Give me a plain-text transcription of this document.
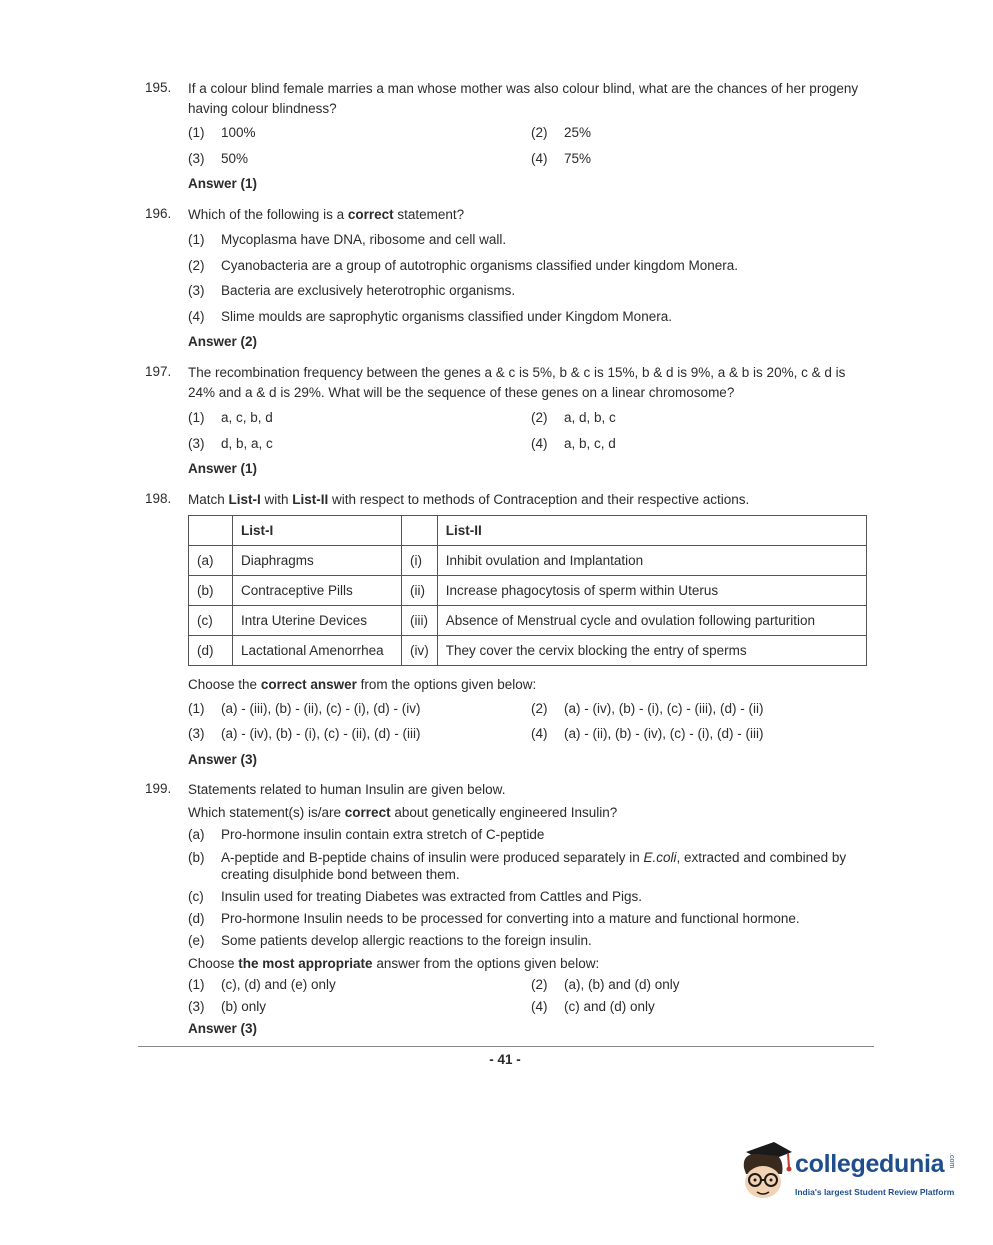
195. If a colour blind female marries a man whose mother was also colour blind, what are the chances of her progeny having colour blindness?
(1) 100%	(2) 25%
(3) 50%	(4) 75%
Answer (1)
196. Which of the following is a correct statement?
(1) Mycoplasma have DNA, ribosome and cell wall.
(2) Cyanobacteria are a group of autotrophic organisms classified under kingdom Monera.
(3) Bacteria are exclusively heterotrophic organisms.
(4) Slime moulds are saprophytic organisms classified under Kingdom Monera.
Answer (2)
197. The recombination frequency between the genes a & c is 5%, b & c is 15%, b & d is 9%, a & b is 20%, c & d is 24% and a & d is 29%. What will be the sequence of these genes on a linear chromosome?
(1) a, c, b, d	(2) a, d, b, c
(3) d, b, a, c	(4) a, b, c, d
Answer (1)
198. Match List-I with List-II with respect to methods of Contraception and their respective actions.
	List-I		List-II
(a)	Diaphragms	(i)	Inhibit ovulation and Implantation
(b)	Contraceptive Pills	(ii)	Increase phagocytosis of sperm within Uterus
(c)	Intra Uterine Devices	(iii)	Absence of Menstrual cycle and ovulation following parturition
(d)	Lactational Amenorrhea	(iv)	They cover the cervix blocking the entry of sperms
Choose the correct answer from the options given below:
(1) (a) - (iii), (b) - (ii), (c) - (i), (d) - (iv)	(2) (a) - (iv), (b) - (i), (c) - (iii), (d) - (ii)
(3) (a) - (iv), (b) - (i), (c) - (ii), (d) - (iii)	(4) (a) - (ii), (b) - (iv), (c) - (i), (d) - (iii)
Answer (3)
199. Statements related to human Insulin are given below.
Which statement(s) is/are correct about genetically engineered Insulin?
(a) Pro-hormone insulin contain extra stretch of C-peptide
(b) A-peptide and B-peptide chains of insulin were produced separately in E.coli, extracted and combined by creating disulphide bond between them.
(c) Insulin used for treating Diabetes was extracted from Cattles and Pigs.
(d) Pro-hormone Insulin needs to be processed for converting into a mature and functional hormone.
(e) Some patients develop allergic reactions to the foreign insulin.
Choose the most appropriate answer from the options given below:
(1) (c), (d) and (e) only	(2) (a), (b) and (d) only
(3) (b) only	(4) (c) and (d) only
Answer (3)
- 41 -
collegedunia .com
India's largest Student Review Platform
